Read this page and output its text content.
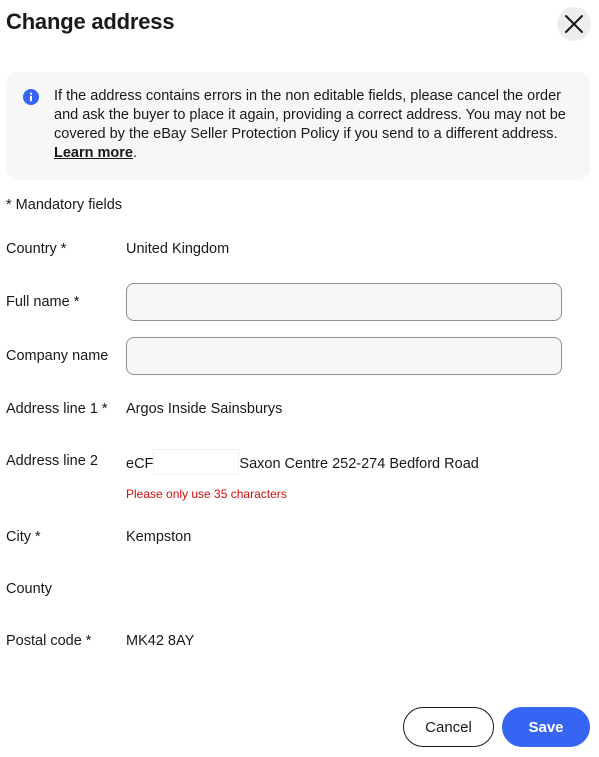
Change address
If the address contains errors in the non editable fields, please cancel the order and ask the buyer to place it again, providing a correct address. You may not be covered by the eBay Seller Protection Policy if you send to a different address. Learn more.
* Mandatory fields
Country *	United Kingdom
Full name *
Company name
Address line 1 * Argos Inside Sainsburys
Address line 2 eCF	Saxon Centre 252-274 Bedford Road
Please only use 35 characters
City *	Kempston
County
Postal code * MK42 8AY
Cancel	Save
